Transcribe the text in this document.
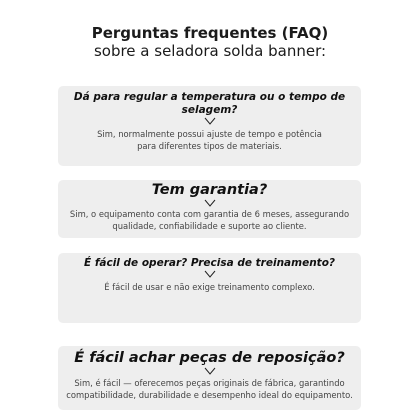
Perguntas frequentes (FAQ)
sobre a seladora solda banner:
Dá para regular a temperatura ou o tempo de selagem?
Sim, normalmente possui ajuste de tempo e potência
para diferentes tipos de materiais.
Tem garantia?
Sim, o equipamento conta com garantia de 6 meses, assegurando
qualidade, confiabilidade e suporte ao cliente.
É fácil de operar? Precisa de treinamento?
É fácil de usar e não exige treinamento complexo.
É fácil achar peças de reposição?
Sim, é fácil — oferecemos peças originais de fábrica, garantindo
compatibilidade, durabilidade e desempenho ideal do equipamento.
